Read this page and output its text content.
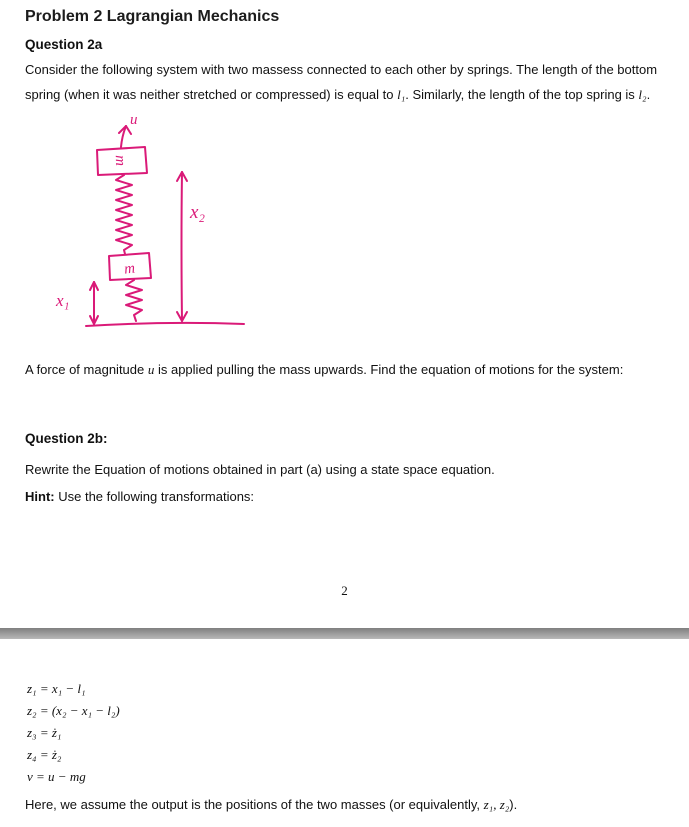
Problem 2 Lagrangian Mechanics
Question 2a

Consider the following system with two massess connected to each other by springs. The length of the bottom spring (when it was neither stretched or compressed) is equal to l₁. Similarly, the length of the top spring is l₂.

u
m
m
x₂
x₁

A force of magnitude u is applied pulling the mass upwards. Find the equation of motions for the system:

Question 2b:

Rewrite the Equation of motions obtained in part (a) using a state space equation.

Hint: Use the following transformations:

2
z₁ = x₁ − l₁
z₂ = (x₂ − x₁ − l₂)
z₃ = ż₁
z₄ = ż₂
v = u − mg

Here, we assume the output is the positions of the two masses (or equivalently, z₁, z₂).
